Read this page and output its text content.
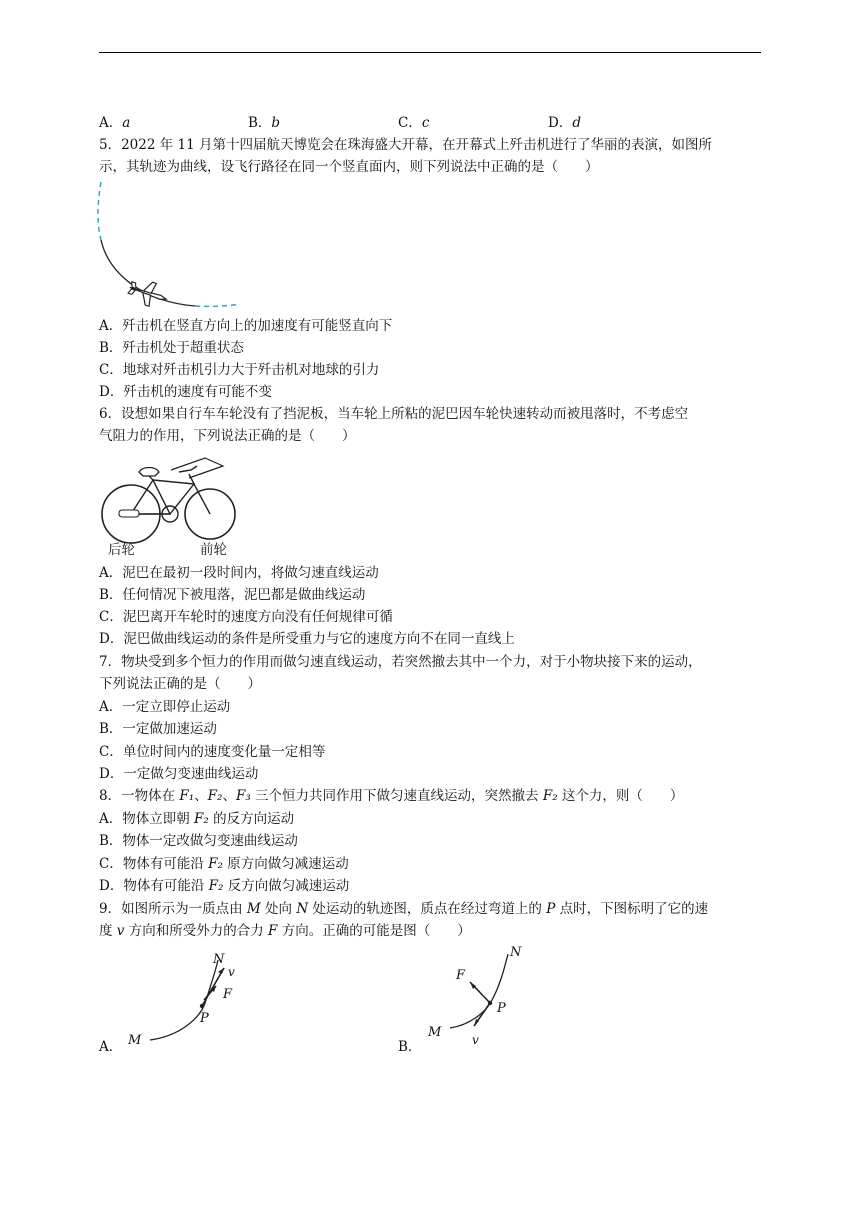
A．a	B．b	C．c	D．d
5．2022 年 11 月第十四届航天博览会在珠海盛大开幕，在开幕式上歼击机进行了华丽的表演，如图所
示，其轨迹为曲线，设飞行路径在同一个竖直面内，则下列说法中正确的是（　　）
A．歼击机在竖直方向上的加速度有可能竖直向下
B．歼击机处于超重状态
C．地球对歼击机引力大于歼击机对地球的引力
D．歼击机的速度有可能不变
6．设想如果自行车车轮没有了挡泥板，当车轮上所粘的泥巴因车轮快速转动而被甩落时，不考虑空
气阻力的作用，下列说法正确的是（　　）
后轮	前轮
A．泥巴在最初一段时间内，将做匀速直线运动
B．任何情况下被甩落，泥巴都是做曲线运动
C．泥巴离开车轮时的速度方向没有任何规律可循
D．泥巴做曲线运动的条件是所受重力与它的速度方向不在同一直线上
7．物块受到多个恒力的作用而做匀速直线运动，若突然撤去其中一个力，对于小物块接下来的运动，
下列说法正确的是（　　）
A．一定立即停止运动
B．一定做加速运动
C．单位时间内的速度变化量一定相等
D．一定做匀变速曲线运动
8．一物体在 F₁、F₂、F₃ 三个恒力共同作用下做匀速直线运动，突然撤去 F₂ 这个力，则（　　）
A．物体立即朝 F₂ 的反方向运动
B．物体一定改做匀变速曲线运动
C．物体有可能沿 F₂ 原方向做匀减速运动
D．物体有可能沿 F₂ 反方向做匀减速运动
9．如图所示为一质点由 M 处向 N 处运动的轨迹图，质点在经过弯道上的 P 点时，下图标明了它的速
度 v 方向和所受外力的合力 F 方向。正确的可能是图（　　）
A．
N
v
F
P
M	B．
N
F
P
M	v
